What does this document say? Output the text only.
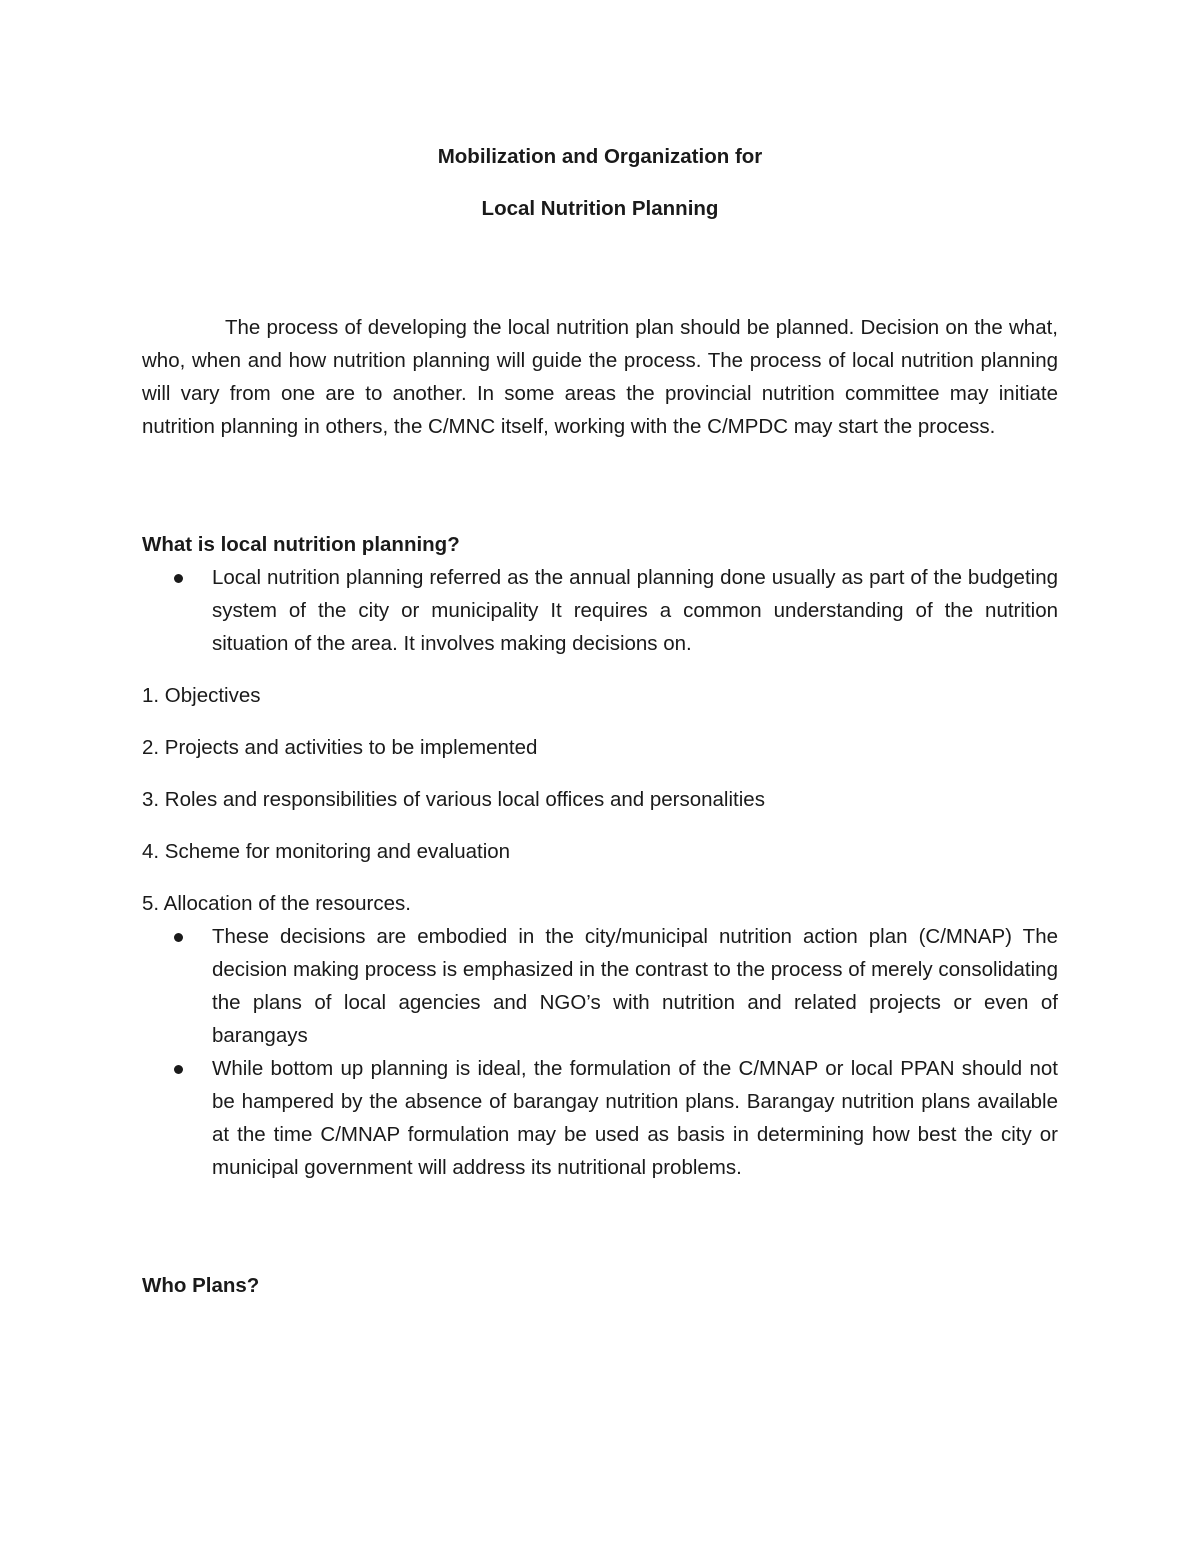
Mobilization and Organization for

Local Nutrition Planning

The process of developing the local nutrition plan should be planned. Decision on the what, who, when and how nutrition planning will guide the process. The process of local nutrition planning will vary from one are to another. In some areas the provincial nutrition committee may initiate nutrition planning in others, the C/MNC itself, working with the C/MPDC may start the process.

What is local nutrition planning?

Local nutrition planning referred as the annual planning done usually as part of the budgeting system of the city or municipality It requires a common understanding of the nutrition situation of the area. It involves making decisions on.
1. Objectives
2. Projects and activities to be implemented
3. Roles and responsibilities of various local offices and personalities
4. Scheme for monitoring and evaluation
5. Allocation of the resources.
These decisions are embodied in the city/municipal nutrition action plan (C/MNAP) The decision making process is emphasized in the contrast to the process of merely consolidating the plans of local agencies and NGO’s with nutrition and related projects or even of barangays
While bottom up planning is ideal, the formulation of the C/MNAP or local PPAN should not be hampered by the absence of barangay nutrition plans. Barangay nutrition plans available at the time C/MNAP formulation may be used as basis in determining how best the city or municipal government will address its nutritional problems.

Who Plans?
